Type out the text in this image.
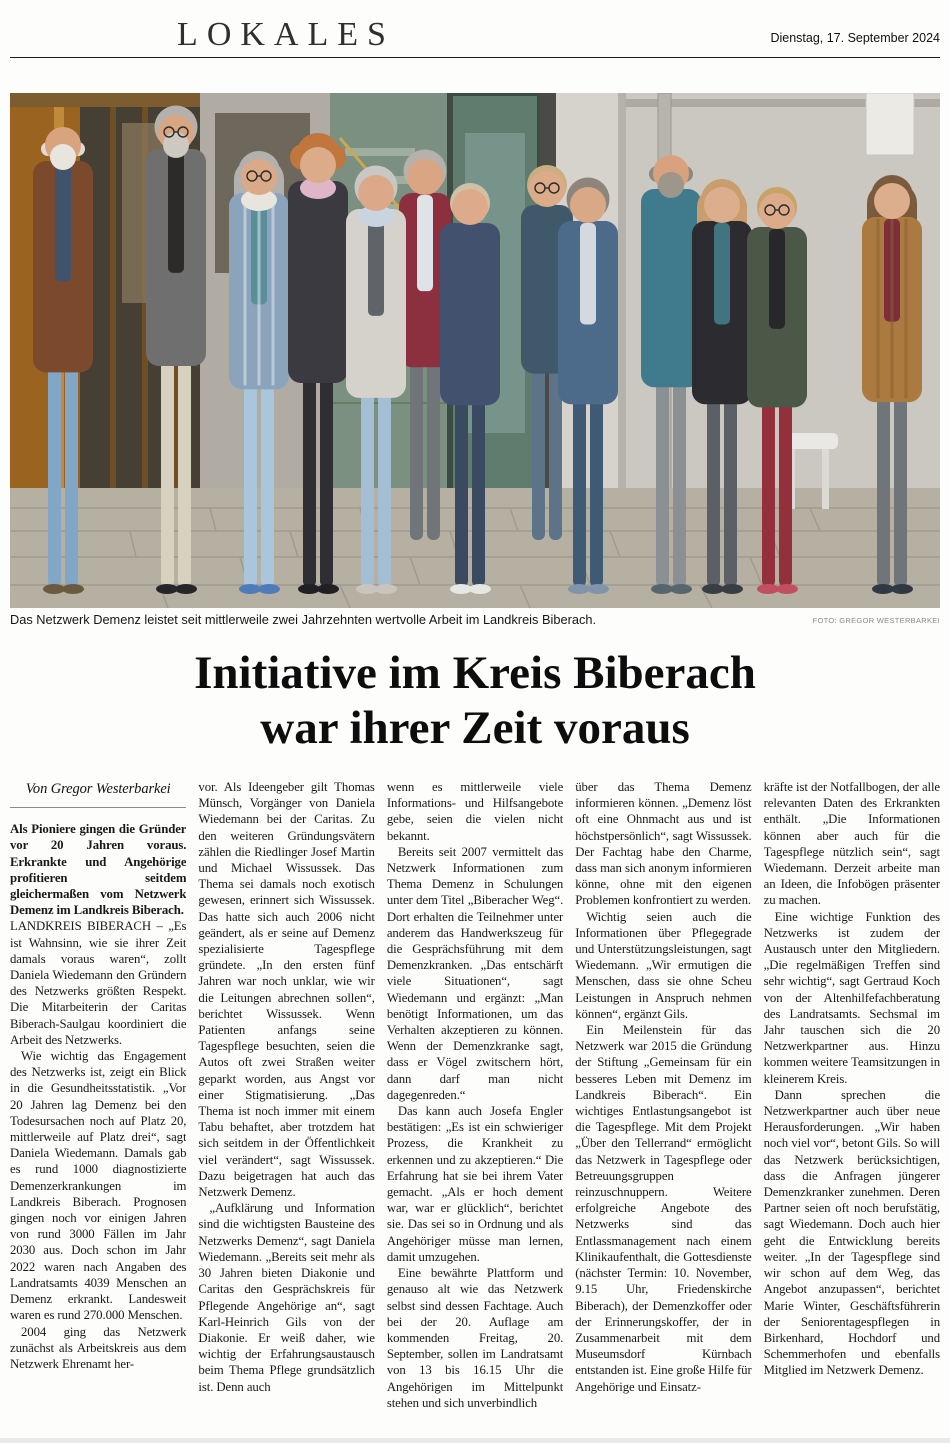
LOKALES	Dienstag, 17. September 2024
Das Netzwerk Demenz leistet seit mittlerweile zwei Jahrzehnten wertvolle Arbeit im Landkreis Biberach.	FOTO: GREGOR WESTERBARKEI
Initiative im Kreis Biberach
war ihrer Zeit voraus
Von Gregor Westerbarkei

Als Pioniere gingen die Gründer vor 20 Jahren voraus. Erkrankte und Angehörige profitieren seitdem gleichermaßen vom Netzwerk Demenz im Landkreis Biberach.

LANDKREIS BIBERACH – „Es ist Wahnsinn, wie sie ihrer Zeit damals voraus waren“, zollt Daniela Wiedemann den Gründern des Netzwerks größten Respekt. Die Mitarbeiterin der Caritas Biberach-Saulgau koordiniert die Arbeit des Netzwerks.

Wie wichtig das Engagement des Netzwerks ist, zeigt ein Blick in die Gesundheitsstatistik. „Vor 20 Jahren lag Demenz bei den Todesursachen noch auf Platz 20, mittlerweile auf Platz drei“, sagt Daniela Wiedemann. Damals gab es rund 1000 diagnostizierte Demenzerkrankungen im Landkreis Biberach. Prognosen gingen noch vor einigen Jahren von rund 3000 Fällen im Jahr 2030 aus. Doch schon im Jahr 2022 waren nach Angaben des Landratsamts 4039 Menschen an Demenz erkrankt. Landesweit waren es rund 270.000 Menschen.

2004 ging das Netzwerk zunächst als Arbeitskreis aus dem Netzwerk Ehrenamt her-

vor. Als Ideengeber gilt Thomas Münsch, Vorgänger von Daniela Wiedemann bei der Caritas. Zu den weiteren Gründungsvätern zählen die Riedlinger Josef Martin und Michael Wissussek. Das Thema sei damals noch exotisch gewesen, erinnert sich Wissussek. Das hatte sich auch 2006 nicht geändert, als er seine auf Demenz spezialisierte Tagespflege gründete. „In den ersten fünf Jahren war noch unklar, wie wir die Leitungen abrechnen sollen“, berichtet Wissussek. Wenn Patienten anfangs seine Tagespflege besuchten, seien die Autos oft zwei Straßen weiter geparkt worden, aus Angst vor einer Stigmatisierung. „Das Thema ist noch immer mit einem Tabu behaftet, aber trotzdem hat sich seitdem in der Öffentlichkeit viel verändert“, sagt Wissussek. Dazu beigetragen hat auch das Netzwerk Demenz.

„Aufklärung und Information sind die wichtigsten Bausteine des Netzwerks Demenz“, sagt Daniela Wiedemann. „Bereits seit mehr als 30 Jahren bieten Diakonie und Caritas den Gesprächskreis für Pflegende Angehörige an“, sagt Karl-Heinrich Gils von der Diakonie. Er weiß daher, wie wichtig der Erfahrungsaustausch beim Thema Pflege grundsätzlich ist. Denn auch

wenn es mittlerweile viele Informations- und Hilfsangebote gebe, seien die vielen nicht bekannt.

Bereits seit 2007 vermittelt das Netzwerk Informationen zum Thema Demenz in Schulungen unter dem Titel „Biberacher Weg“. Dort erhalten die Teilnehmer unter anderem das Handwerkszeug für die Gesprächsführung mit dem Demenzkranken. „Das entschärft viele Situationen“, sagt Wiedemann und ergänzt: „Man benötigt Informationen, um das Verhalten akzeptieren zu können. Wenn der Demenzkranke sagt, dass er Vögel zwitschern hört, dann darf man nicht dagegenreden.“

Das kann auch Josefa Engler bestätigen: „Es ist ein schwieriger Prozess, die Krankheit zu erkennen und zu akzeptieren.“ Die Erfahrung hat sie bei ihrem Vater gemacht. „Als er hoch dement war, war er glücklich“, berichtet sie. Das sei so in Ordnung und als Angehöriger müsse man lernen, damit umzugehen.

Eine bewährte Plattform und genauso alt wie das Netzwerk selbst sind dessen Fachtage. Auch bei der 20. Auflage am kommenden Freitag, 20. September, sollen im Landratsamt von 13 bis 16.15 Uhr die Angehörigen im Mittelpunkt stehen und sich unverbindlich

über das Thema Demenz informieren können. „Demenz löst oft eine Ohnmacht aus und ist höchstpersönlich“, sagt Wissussek. Der Fachtag habe den Charme, dass man sich anonym informieren könne, ohne mit den eigenen Problemen konfrontiert zu werden.

Wichtig seien auch die Informationen über Pflegegrade und Unterstützungsleistungen, sagt Wiedemann. „Wir ermutigen die Menschen, dass sie ohne Scheu Leistungen in Anspruch nehmen können“, ergänzt Gils.

Ein Meilenstein für das Netzwerk war 2015 die Gründung der Stiftung „Gemeinsam für ein besseres Leben mit Demenz im Landkreis Biberach“. Ein wichtiges Entlastungsangebot ist die Tagespflege. Mit dem Projekt „Über den Tellerrand“ ermöglicht das Netzwerk in Tagespflege oder Betreuungsgruppen reinzuschnuppern. Weitere erfolgreiche Angebote des Netzwerks sind das Entlassmanagement nach einem Klinikaufenthalt, die Gottesdienste (nächster Termin: 10. November, 9.15 Uhr, Friedenskirche Biberach), der Demenzkoffer oder der Erinnerungskoffer, der in Zusammenarbeit mit dem Museumsdorf Kürnbach entstanden ist. Eine große Hilfe für Angehörige und Einsatz-

kräfte ist der Notfallbogen, der alle relevanten Daten des Erkrankten enthält. „Die Informationen können aber auch für die Tagespflege nützlich sein“, sagt Wiedemann. Derzeit arbeite man an Ideen, die Infobögen präsenter zu machen.

Eine wichtige Funktion des Netzwerks ist zudem der Austausch unter den Mitgliedern. „Die regelmäßigen Treffen sind sehr wichtig“, sagt Gertraud Koch von der Altenhilfefachberatung des Landratsamts. Sechsmal im Jahr tauschen sich die 20 Netzwerkpartner aus. Hinzu kommen weitere Teamsitzungen in kleinerem Kreis.

Dann sprechen die Netzwerkpartner auch über neue Herausforderungen. „Wir haben noch viel vor“, betont Gils. So will das Netzwerk berücksichtigen, dass die Anfragen jüngerer Demenzkranker zunehmen. Deren Partner seien oft noch berufstätig, sagt Wiedemann. Doch auch hier geht die Entwicklung bereits weiter. „In der Tagespflege sind wir schon auf dem Weg, das Angebot anzupassen“, berichtet Marie Winter, Geschäftsführerin der Seniorentagespflegen in Birkenhard, Hochdorf und Schemmerhofen und ebenfalls Mitglied im Netzwerk Demenz.
